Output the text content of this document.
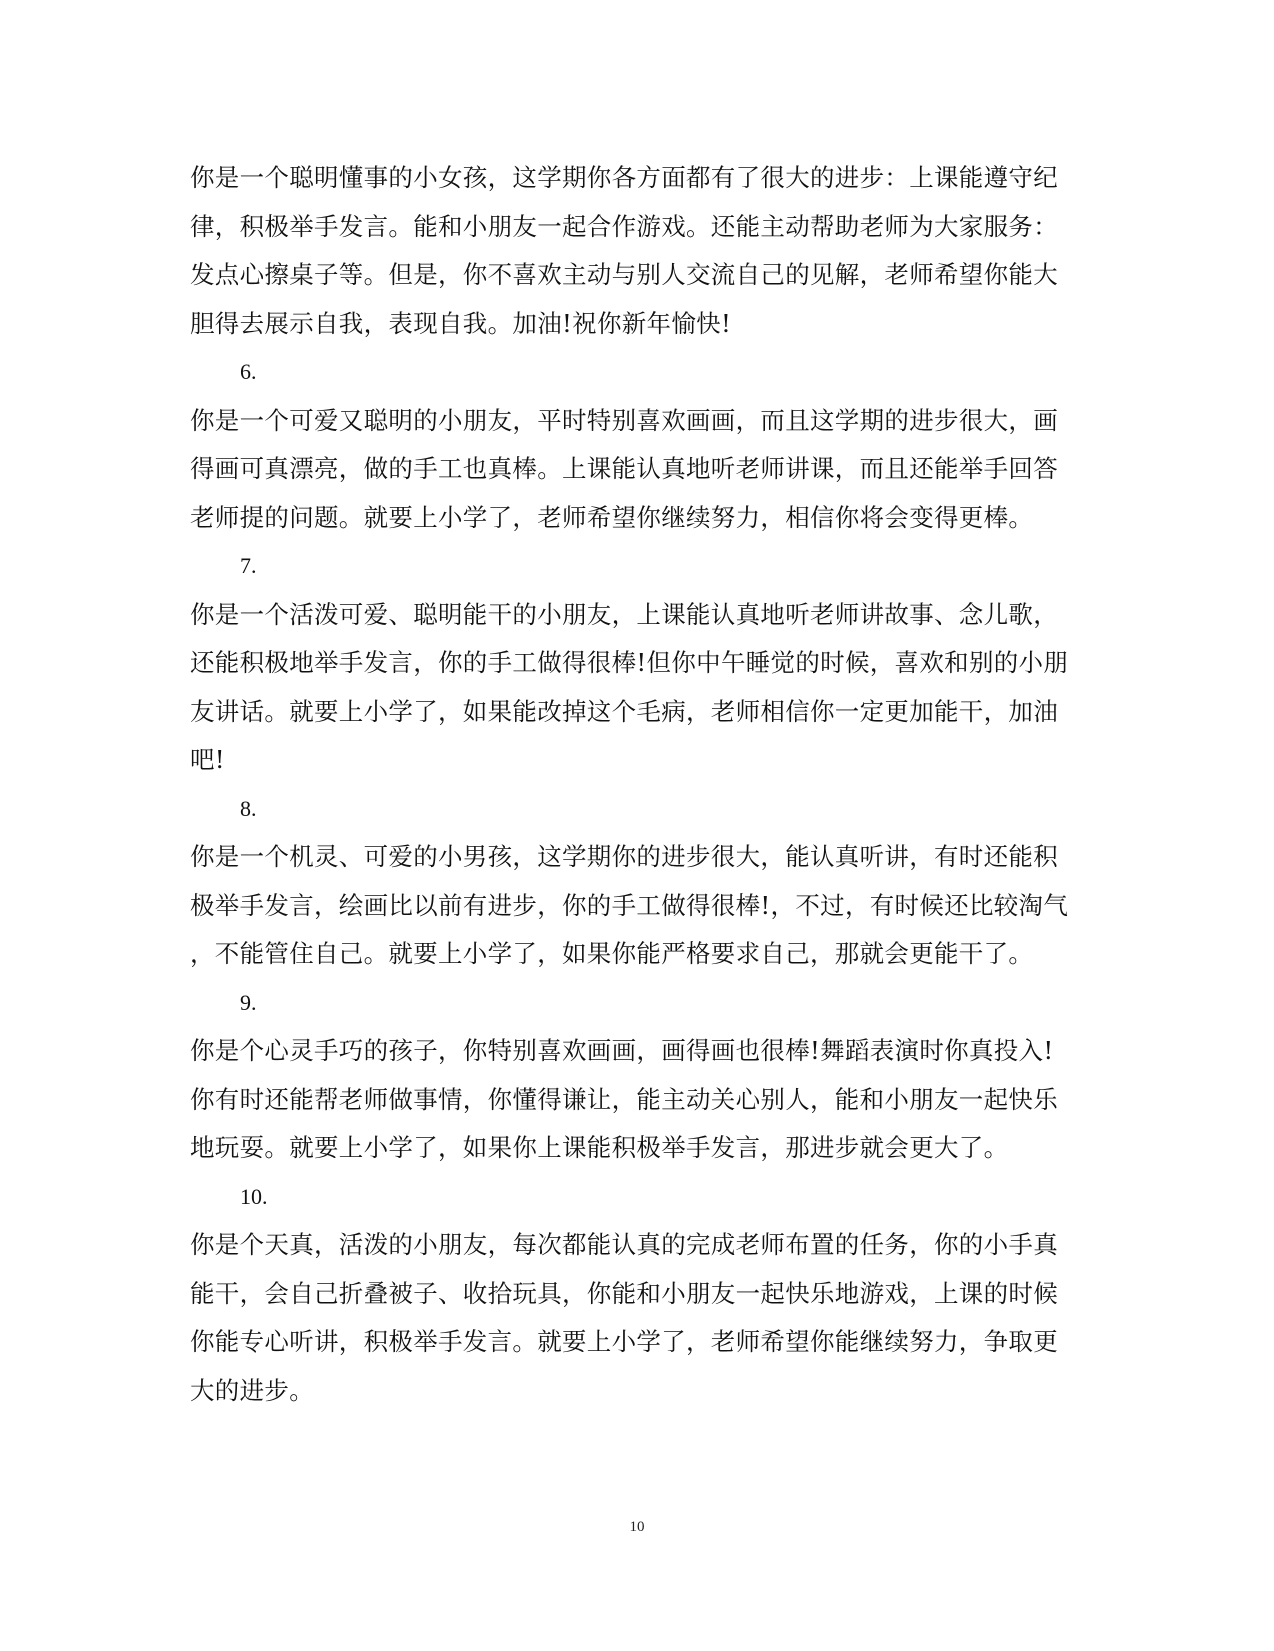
你是一个聪明懂事的小女孩，这学期你各方面都有了很大的进步：上课能遵守纪
律，积极举手发言。能和小朋友一起合作游戏。还能主动帮助老师为大家服务：
发点心擦桌子等。但是，你不喜欢主动与别人交流自己的见解，老师希望你能大
胆得去展示自我，表现自我。加油!祝你新年愉快!
6.
你是一个可爱又聪明的小朋友，平时特别喜欢画画，而且这学期的进步很大，画
得画可真漂亮，做的手工也真棒。上课能认真地听老师讲课，而且还能举手回答
老师提的问题。就要上小学了，老师希望你继续努力，相信你将会变得更棒。
7.
你是一个活泼可爱、聪明能干的小朋友，上课能认真地听老师讲故事、念儿歌，
还能积极地举手发言，你的手工做得很棒!但你中午睡觉的时候，喜欢和别的小朋
友讲话。就要上小学了，如果能改掉这个毛病，老师相信你一定更加能干，加油
吧!
8.
你是一个机灵、可爱的小男孩，这学期你的进步很大，能认真听讲，有时还能积
极举手发言，绘画比以前有进步，你的手工做得很棒!，不过，有时候还比较淘气
，不能管住自己。就要上小学了，如果你能严格要求自己，那就会更能干了。
9.
你是个心灵手巧的孩子，你特别喜欢画画，画得画也很棒!舞蹈表演时你真投入!
你有时还能帮老师做事情，你懂得谦让，能主动关心别人，能和小朋友一起快乐
地玩耍。就要上小学了，如果你上课能积极举手发言，那进步就会更大了。
10.
你是个天真，活泼的小朋友，每次都能认真的完成老师布置的任务，你的小手真
能干，会自己折叠被子、收拾玩具，你能和小朋友一起快乐地游戏，上课的时候
你能专心听讲，积极举手发言。就要上小学了，老师希望你能继续努力，争取更
大的进步。
10
